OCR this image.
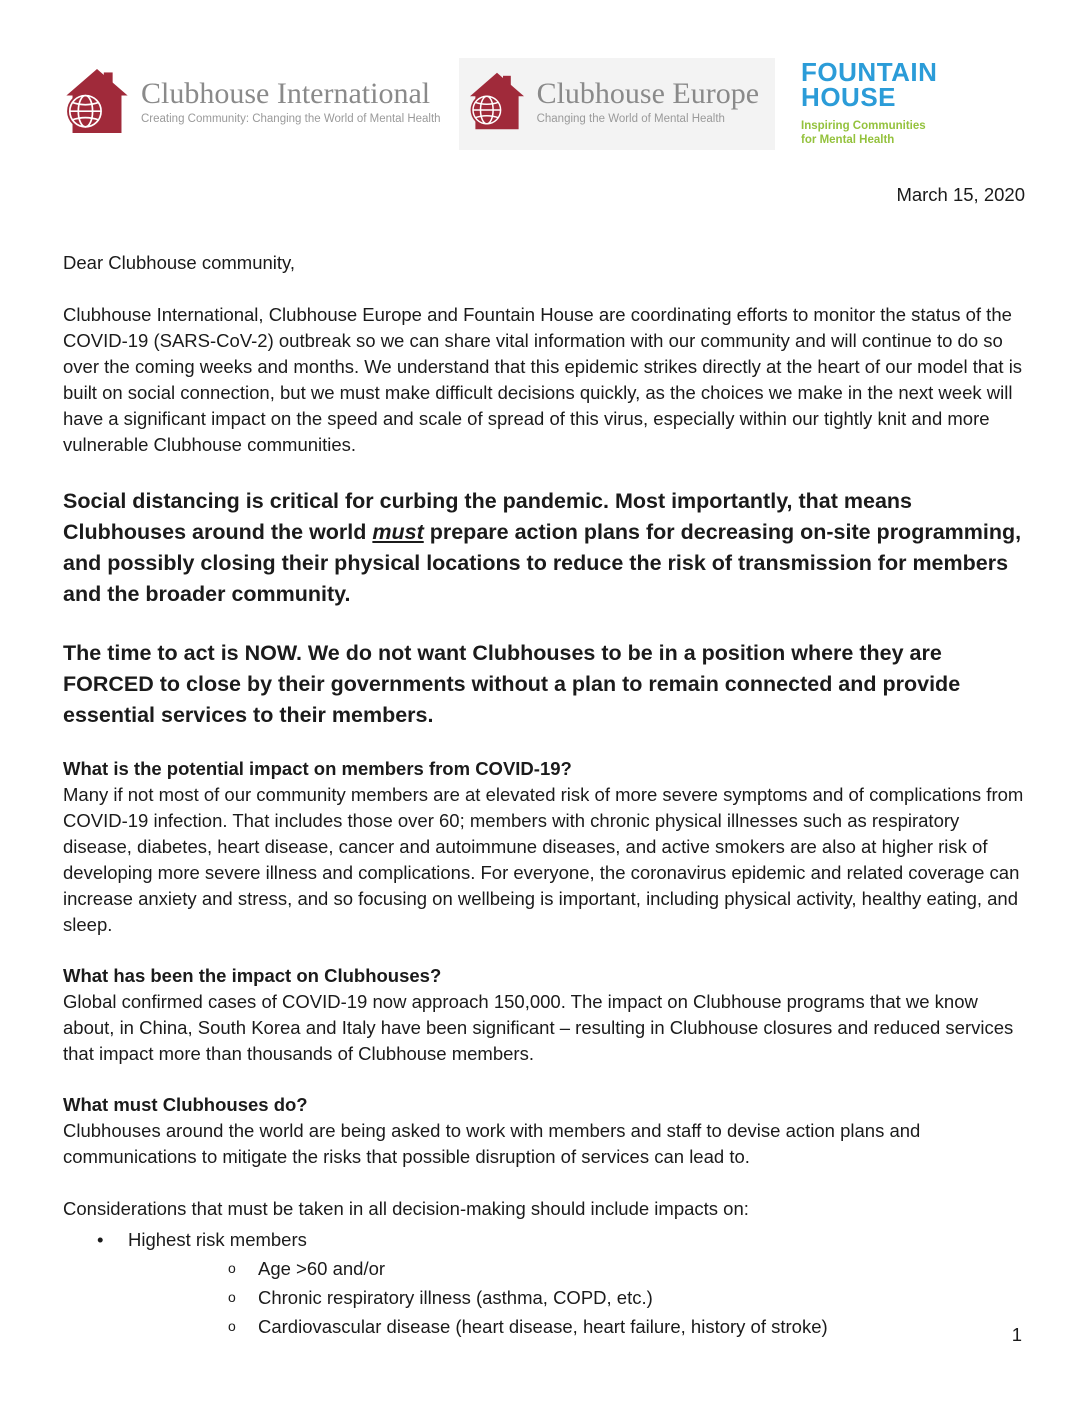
Clubhouse International
Creating Community: Changing the World of Mental Health
Clubhouse Europe
Changing the World of Mental Health
FOUNTAIN
HOUSE
Inspiring Communities
for Mental Health
March 15, 2020

Dear Clubhouse community,

Clubhouse International, Clubhouse Europe and Fountain House are coordinating efforts to monitor the status of the COVID-19 (SARS-CoV-2) outbreak so we can share vital information with our community and will continue to do so over the coming weeks and months. We understand that this epidemic strikes directly at the heart of our model that is built on social connection, but we must make difficult decisions quickly, as the choices we make in the next week will have a significant impact on the speed and scale of spread of this virus, especially within our tightly knit and more vulnerable Clubhouse communities.

Social distancing is critical for curbing the pandemic. Most importantly, that means Clubhouses around the world must prepare action plans for decreasing on-site programming, and possibly closing their physical locations to reduce the risk of transmission for members and the broader community.

The time to act is NOW. We do not want Clubhouses to be in a position where they are FORCED to close by their governments without a plan to remain connected and provide essential services to their members.

What is the potential impact on members from COVID-19?

Many if not most of our community members are at elevated risk of more severe symptoms and of complications from COVID-19 infection. That includes those over 60; members with chronic physical illnesses such as respiratory disease, diabetes, heart disease, cancer and autoimmune diseases, and active smokers are also at higher risk of developing more severe illness and complications. For everyone, the coronavirus epidemic and related coverage can increase anxiety and stress, and so focusing on wellbeing is important, including physical activity, healthy eating, and sleep.

What has been the impact on Clubhouses?

Global confirmed cases of COVID-19 now approach 150,000. The impact on Clubhouse programs that we know about, in China, South Korea and Italy have been significant – resulting in Clubhouse closures and reduced services that impact more than thousands of Clubhouse members.

What must Clubhouses do?

Clubhouses around the world are being asked to work with members and staff to devise action plans and communications to mitigate the risks that possible disruption of services can lead to.

Considerations that must be taken in all decision-making should include impacts on:

• Highest risk members
o Age >60 and/or
o Chronic respiratory illness (asthma, COPD, etc.)
o Cardiovascular disease (heart disease, heart failure, history of stroke)	1
